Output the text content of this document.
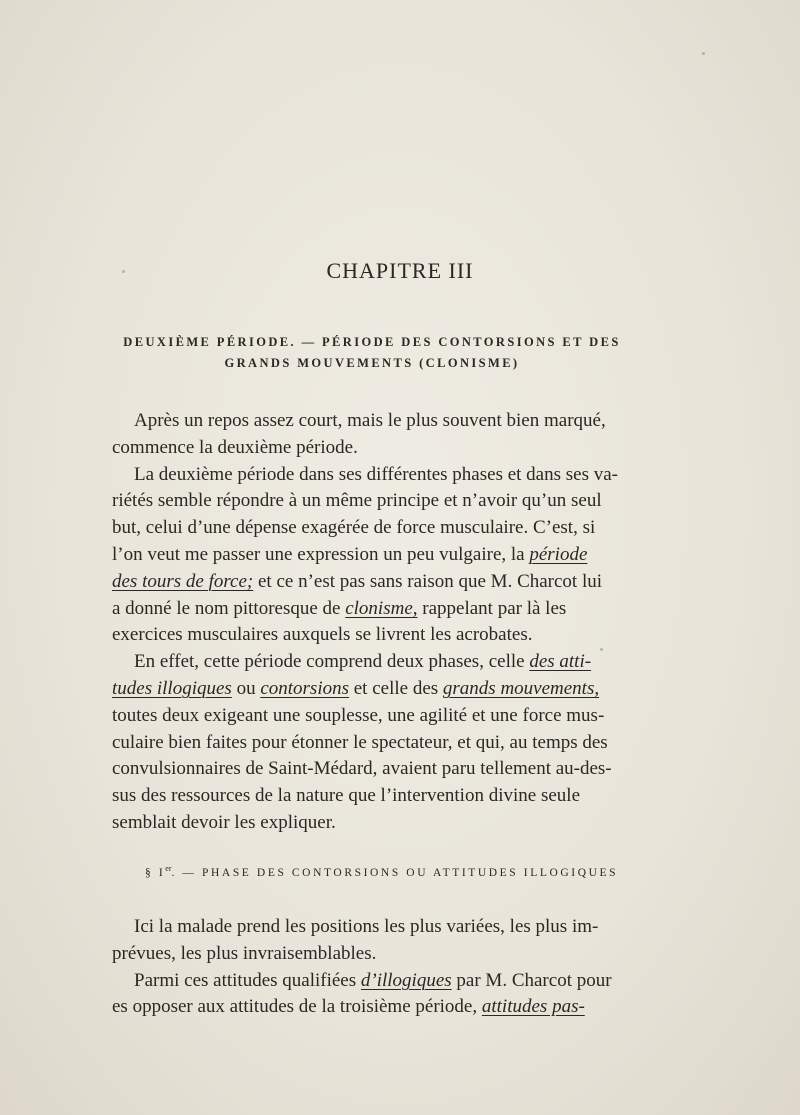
CHAPITRE III
DEUXIÈME PÉRIODE. — PÉRIODE DES CONTORSIONS ET DES
GRANDS MOUVEMENTS (CLONISME)
Après un repos assez court, mais le plus souvent bien marqué,
commence la deuxième période.
La deuxième période dans ses différentes phases et dans ses va-
riétés semble répondre à un même principe et n’avoir qu’un seul
but, celui d’une dépense exagérée de force musculaire. C’est, si
l’on veut me passer une expression un peu vulgaire, la période
des tours de force; et ce n’est pas sans raison que M. Charcot lui
a donné le nom pittoresque de clonisme, rappelant par là les
exercices musculaires auxquels se livrent les acrobates.
En effet, cette période comprend deux phases, celle des atti-
tudes illogiques ou contorsions et celle des grands mouvements,
toutes deux exigeant une souplesse, une agilité et une force mus-
culaire bien faites pour étonner le spectateur, et qui, au temps des
convulsionnaires de Saint-Médard, avaient paru tellement au-des-
sus des ressources de la nature que l’intervention divine seule
semblait devoir les expliquer.
§ Ier. — PHASE DES CONTORSIONS OU ATTITUDES ILLOGIQUES
Ici la malade prend les positions les plus variées, les plus im-
prévues, les plus invraisemblables.
Parmi ces attitudes qualifiées d’illogiques par M. Charcot pour
es opposer aux attitudes de la troisième période, attitudes pas-
